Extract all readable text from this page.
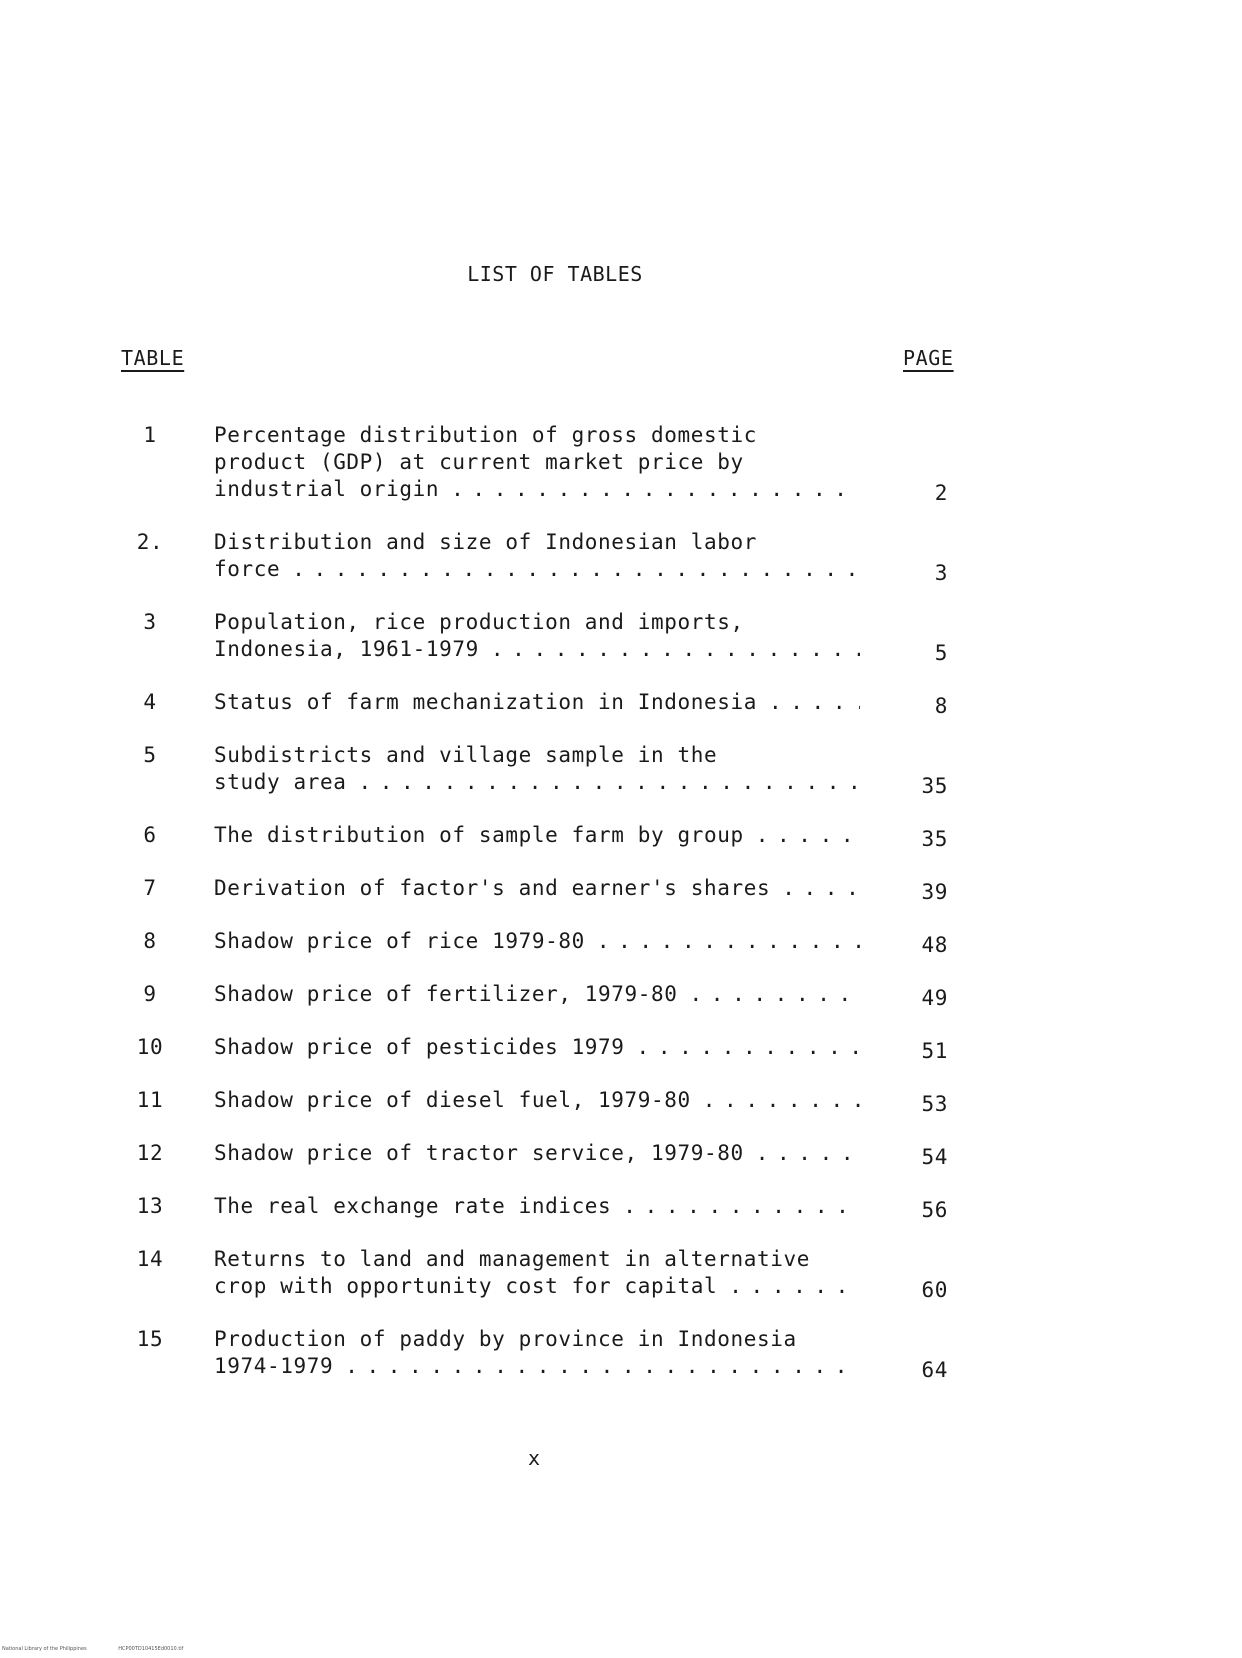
LIST OF TABLES
TABLE	PAGE
1	Percentage distribution of gross domestic
product (GDP) at current market price by
industrial origin . . .	2
2.	Distribution and size of Indonesian labor
force . . .	3
3	Population, rice production and imports,
Indonesia, 1961-1979 . . .	5
4	Status of farm mechanization in Indonesia . . .	8
5	Subdistricts and village sample in the
study area . . .	35
6	The distribution of sample farm by group . . .	35
7	Derivation of factor's and earner's shares . . .	39
8	Shadow price of rice 1979-80 . . .	48
9	Shadow price of fertilizer, 1979-80 . . .	49
10	Shadow price of pesticides 1979 . . .	51
11	Shadow price of diesel fuel, 1979-80 . . .	53
12	Shadow price of tractor service, 1979-80 . . .	54
13	The real exchange rate indices . . .	56
14	Returns to land and management in alternative
crop with opportunity cost for capital . . .	60
15	Production of paddy by province in Indonesia
1974-1979 . . .	64
x
National Library of the Philippines	HCP00TD10415Ed0010.tif
